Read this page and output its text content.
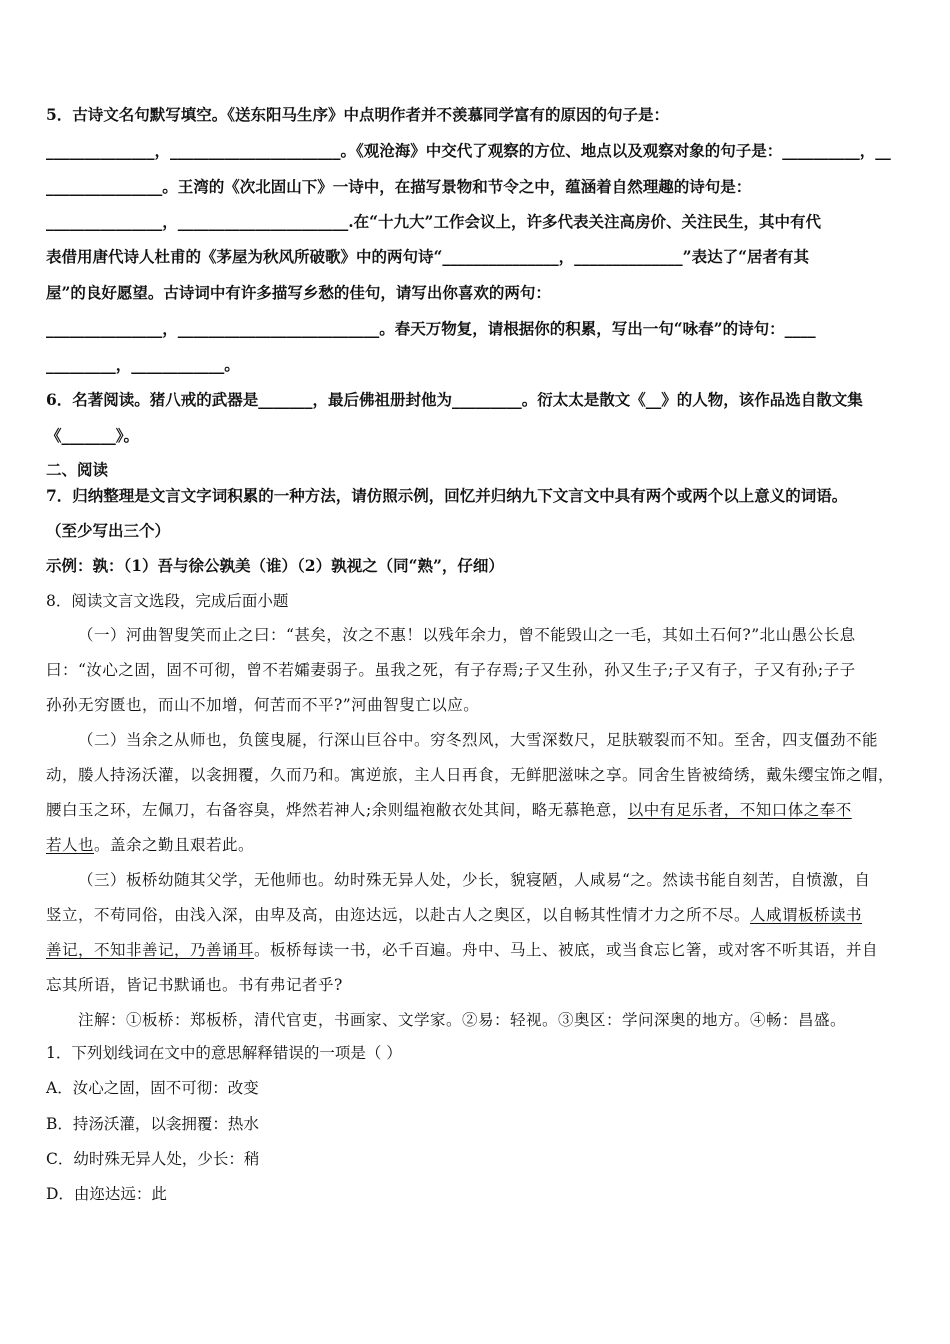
5．古诗文名句默写填空。《送东阳马生序》中点明作者并不羡慕同学富有的原因的句子是：
______________，______________________。《观沧海》中交代了观察的方位、地点以及观察对象的句子是：__________，__
_______________。王湾的《次北固山下》一诗中，在描写景物和节令之中，蕴涵着自然理趣的诗句是：
_______________，______________________.在“十九大”工作会议上，许多代表关注高房价、关注民生，其中有代
表借用唐代诗人杜甫的《茅屋为秋风所破歌》中的两句诗“_______________，______________”表达了“居者有其
屋”的良好愿望。古诗词中有许多描写乡愁的佳句，请写出你喜欢的两句：
_______________，__________________________。春天万物复，请根据你的积累，写出一句“咏春”的诗句：____
_________，____________。
6．名著阅读。猪八戒的武器是_______，最后佛祖册封他为_________。衍太太是散文《__》的人物，该作品选自散文集
《_______》。
二、阅读
7．归纳整理是文言文字词积累的一种方法，请仿照示例，回忆并归纳九下文言文中具有两个或两个以上意义的词语。
（至少写出三个）
示例：孰：（1）吾与徐公孰美（谁）（2）孰视之（同“熟”，仔细）
8．阅读文言文选段，完成后面小题
（一）河曲智叟笑而止之曰：“甚矣，汝之不惠！以残年余力，曾不能毁山之一毛，其如土石何?”北山愚公长息
曰：“汝心之固，固不可彻，曾不若孀妻弱子。虽我之死，有子存焉;子又生孙，孙又生子;子又有子，子又有孙;子子
孙孙无穷匮也，而山不加增，何苦而不平?”河曲智叟亡以应。
（二）当余之从师也，负箧曳屣，行深山巨谷中。穷冬烈风，大雪深数尺，足肤皲裂而不知。至舍，四支僵劲不能
动，媵人持汤沃灌，以衾拥覆，久而乃和。寓逆旅，主人日再食，无鲜肥滋味之享。同舍生皆被绮绣，戴朱缨宝饰之帽，
腰白玉之环，左佩刀，右备容臭，烨然若神人;余则缊袍敝衣处其间，略无慕艳意，以中有足乐者，不知口体之奉不
若人也。盖余之勤且艰若此。
（三）板桥幼随其父学，无他师也。幼时殊无异人处，少长，貌寝陋，人咸易“之。然读书能自刻苦，自愤激，自
竖立，不苟同俗，由浅入深，由卑及高，由迩达远，以赴古人之奥区，以自畅其性情才力之所不尽。人咸谓板桥读书
善记，不知非善记，乃善诵耳。板桥每读一书，必千百遍。舟中、马上、被底，或当食忘匕箸，或对客不听其语，并自
忘其所语，皆记书默诵也。书有弗记者乎?
注解：①板桥：郑板桥，清代官吏，书画家、文学家。②易：轻视。③奥区：学问深奥的地方。④畅：昌盛。
1．下列划线词在文中的意思解释错误的一项是（ ）
A．汝心之固，固不可彻：改变
B．持汤沃灌，以衾拥覆：热水
C．幼时殊无异人处，少长：稍
D．由迩达远：此
